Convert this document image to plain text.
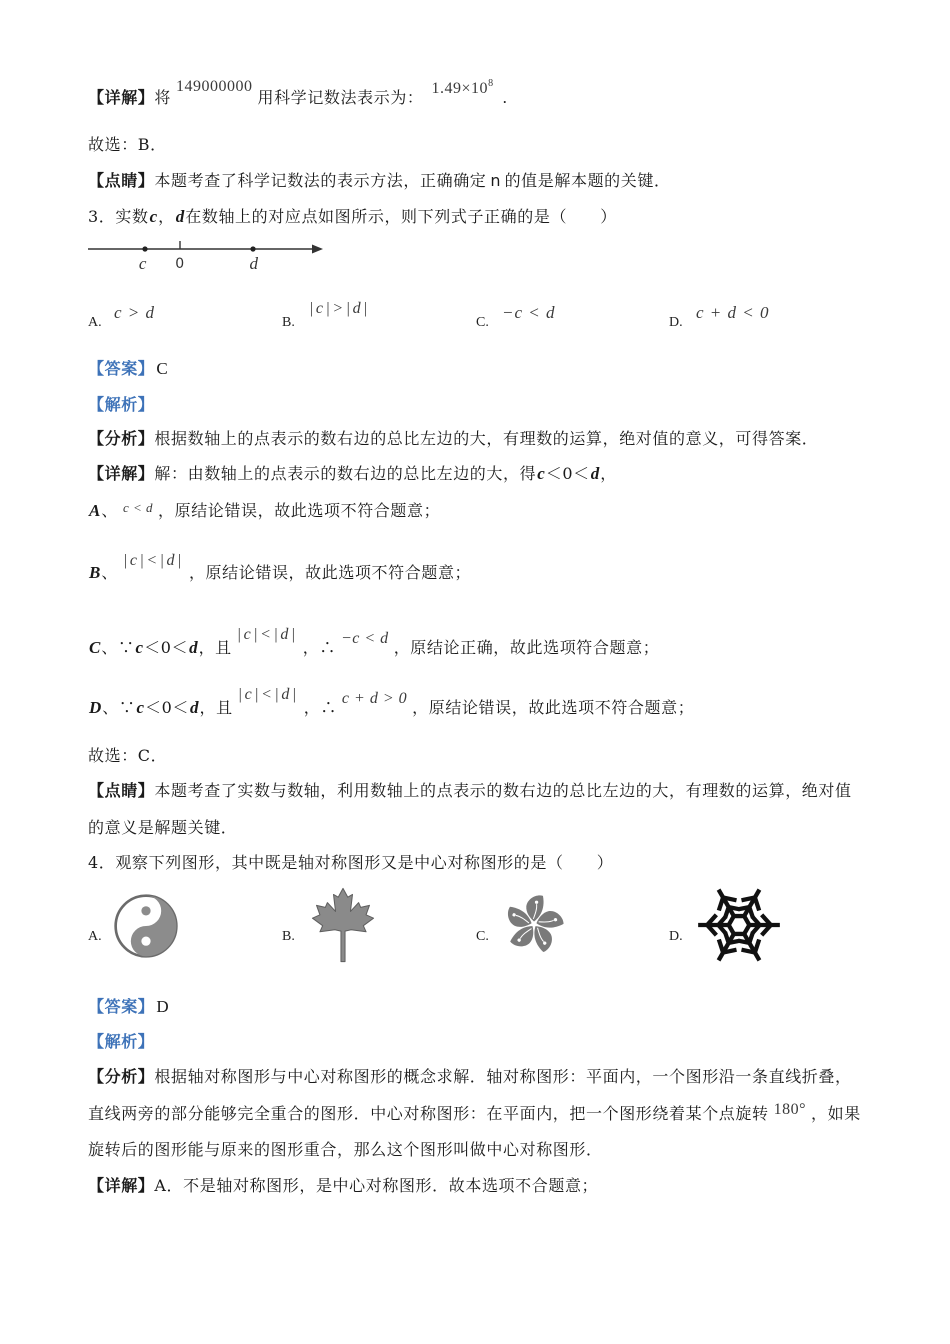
【详解】 将
149000000
用科学记数法表示为： $1.49\times 10^8$
.
故选：B．
【点睛】 本题考查了科学记数法的表示方法，正确确定 n 的值是解本题的关键．
3．实数 c ， d 在数轴上的对应点如图所示，则下列式子正确的是（　　）
c 0	d
A.
c > d
B.
|c|>|d|
C.
−c < d
D.
c + d < 0
【答案】 C
【解析】
【分析】 根据数轴上的点表示的数右边的总比左边的大，有理数的运算，绝对值的意义，可得答案．
【详解】 解：由数轴上的点表示的数右边的总比左边的大，得 c ＜0＜ d ，
A 、 c < d ，原结论错误，故此选项不符合题意；
B 、
|c|<|d|
，原结论错误，故此选项不符合题意；
C 、∵ c ＜0＜ d ，且
|c|<|d|
，∴ −c < d ，原结论正确，故此选项符合题意；
D 、∵ c ＜0＜ d ，且
|c|<|d|
，∴ c + d > 0 ，原结论错误，故此选项不符合题意；
故选：C．
【点睛】 本题考查了实数与数轴，利用数轴上的点表示的数右边的总比左边的大，有理数的运算，绝对值
的意义是解题关键．
4．观察下列图形，其中既是轴对称图形又是中心对称图形的是（　　）
A.	B.	C.	D.
【答案】 D
【解析】
【分析】 根据轴对称图形与中心对称图形的概念求解．轴对称图形：平面内，一个图形沿一条直线折叠，
直线两旁的部分能够完全重合的图形．中心对称图形：在平面内，把一个图形绕着某个点旋转 180° ，如果
旋转后的图形能与原来的图形重合，那么这个图形叫做中心对称图形．
【详解】 A．不是轴对称图形，是中心对称图形．故本选项不合题意；
